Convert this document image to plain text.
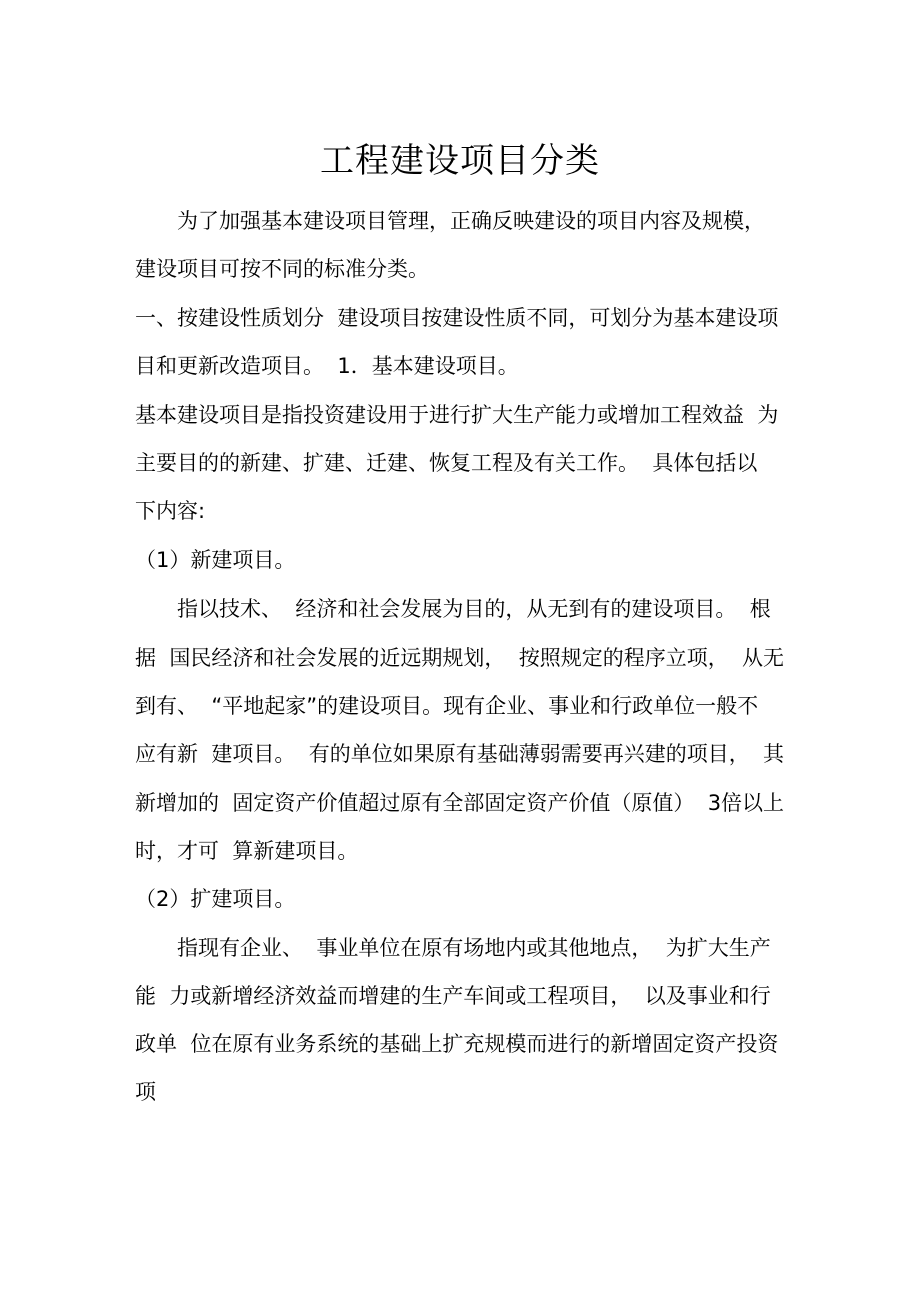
工程建设项目分类
为了加强基本建设项目管理，正确反映建设的项目内容及规模，
建设项目可按不同的标准分类。
一、按建设性质划分  建设项目按建设性质不同，可划分为基本建设项
目和更新改造项目。  1．基本建设项目。
基本建设项目是指投资建设用于进行扩大生产能力或增加工程效益  为
主要目的的新建、扩建、迁建、恢复工程及有关工作。  具体包括以
下内容:
（1）新建项目。
指以技术、  经济和社会发展为目的，从无到有的建设项目。  根
据  国民经济和社会发展的近远期规划，  按照规定的程序立项，  从无
到有、  “平地起家”的建设项目。现有企业、事业和行政单位一般不
应有新  建项目。  有的单位如果原有基础薄弱需要再兴建的项目，  其
新增加的  固定资产价值超过原有全部固定资产价值（原值）  3倍以上
时，才可  算新建项目。
（2）扩建项目。
指现有企业、  事业单位在原有场地内或其他地点，  为扩大生产
能  力或新增经济效益而增建的生产车间或工程项目，  以及事业和行
政单  位在原有业务系统的基础上扩充规模而进行的新增固定资产投资
项
